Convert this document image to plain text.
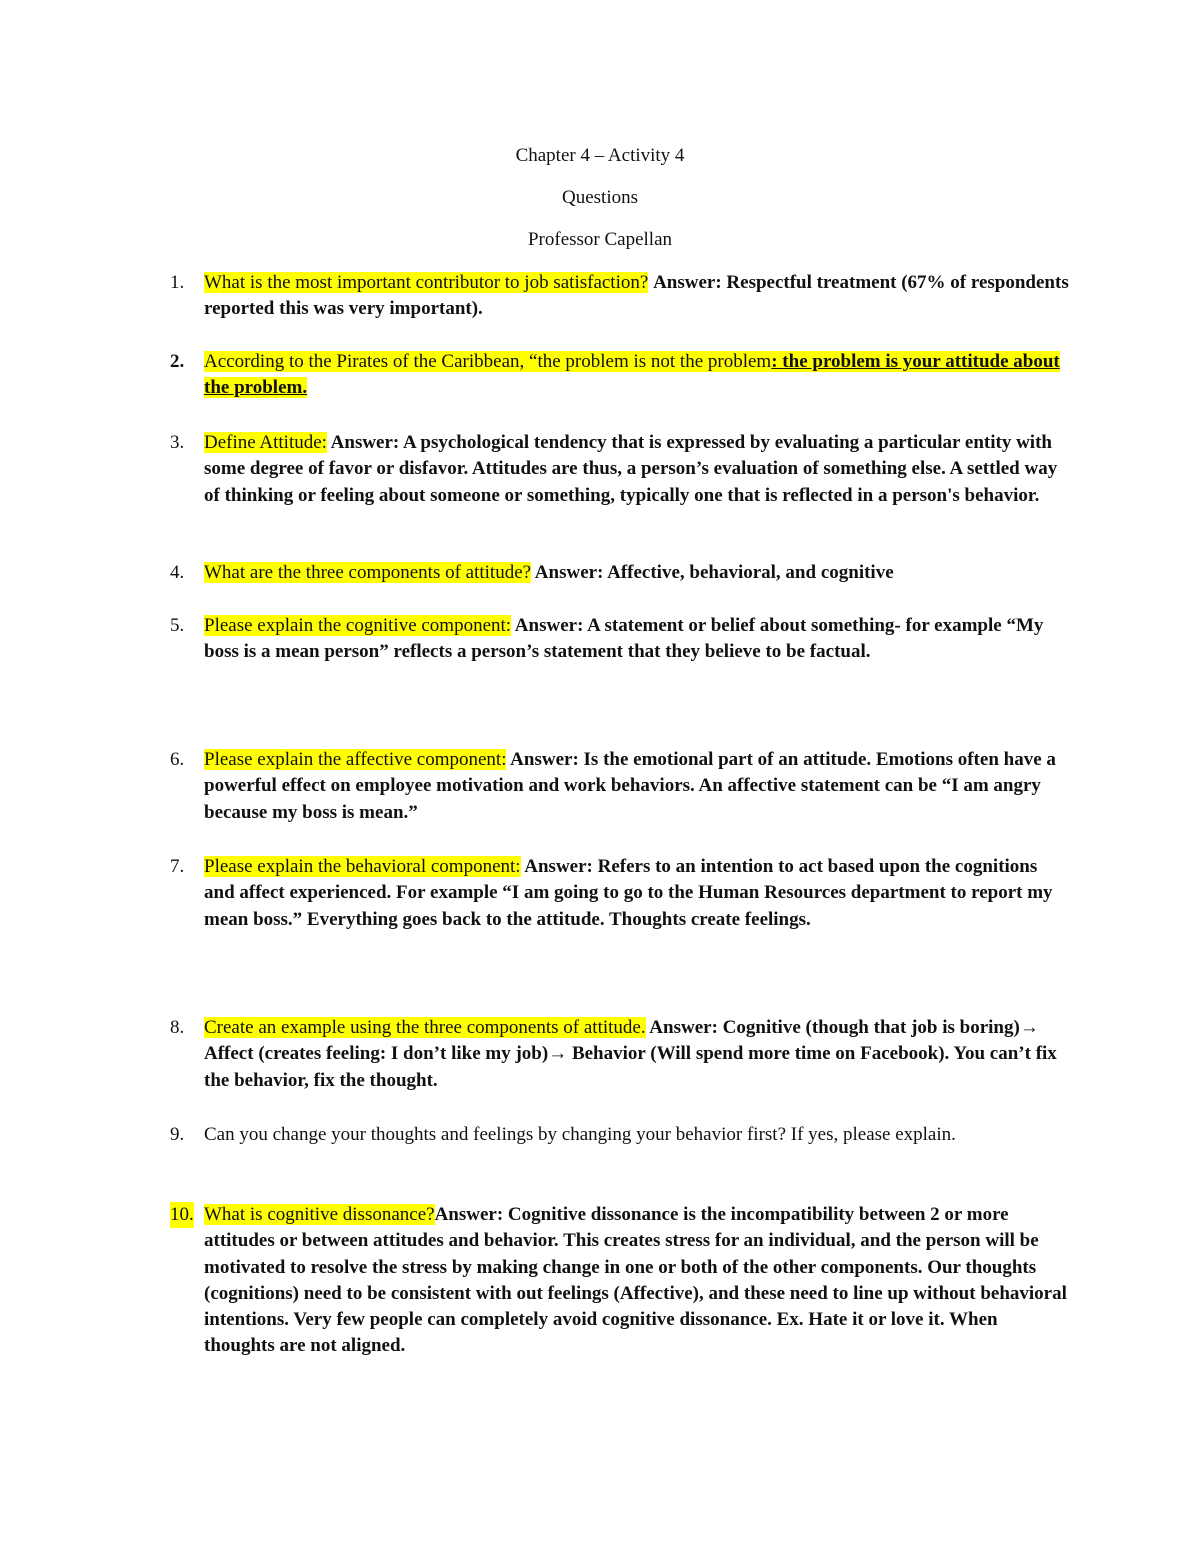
Chapter 4 – Activity 4
Questions
Professor Capellan
1. What is the most important contributor to job satisfaction? Answer: Respectful treatment (67% of respondents reported this was very important).
2. According to the Pirates of the Caribbean, “the problem is not the problem: the problem is your attitude about the problem.
3. Define Attitude: Answer: A psychological tendency that is expressed by evaluating a particular entity with some degree of favor or disfavor. Attitudes are thus, a person’s evaluation of something else. A settled way of thinking or feeling about someone or something, typically one that is reflected in a person's behavior.
4. What are the three components of attitude? Answer: Affective, behavioral, and cognitive
5. Please explain the cognitive component: Answer: A statement or belief about something- for example “My boss is a mean person” reflects a person’s statement that they believe to be factual.
6. Please explain the affective component: Answer: Is the emotional part of an attitude. Emotions often have a powerful effect on employee motivation and work behaviors. An affective statement can be “I am angry because my boss is mean.”
7. Please explain the behavioral component: Answer: Refers to an intention to act based upon the cognitions and affect experienced. For example “I am going to go to the Human Resources department to report my mean boss.” Everything goes back to the attitude. Thoughts create feelings.
8. Create an example using the three components of attitude. Answer: Cognitive (though that job is boring)→ Affect (creates feeling: I don’t like my job)→ Behavior (Will spend more time on Facebook). You can’t fix the behavior, fix the thought.
9. Can you change your thoughts and feelings by changing your behavior first? If yes, please explain.
10. What is cognitive dissonance?Answer: Cognitive dissonance is the incompatibility between 2 or more attitudes or between attitudes and behavior. This creates stress for an individual, and the person will be motivated to resolve the stress by making change in one or both of the other components. Our thoughts (cognitions) need to be consistent with out feelings (Affective), and these need to line up without behavioral intentions. Very few people can completely avoid cognitive dissonance. Ex. Hate it or love it. When thoughts are not aligned.
